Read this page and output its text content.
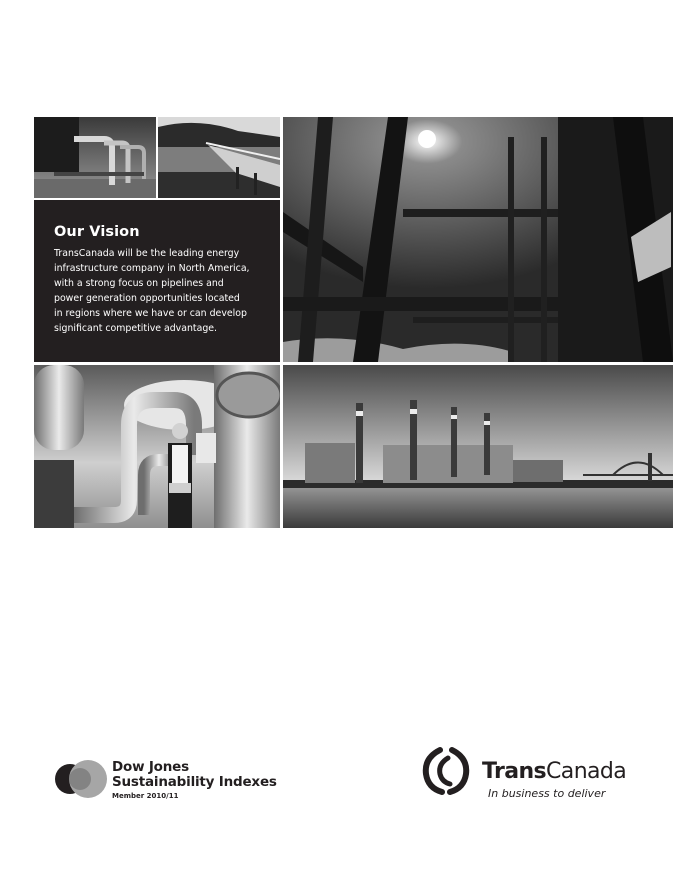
Our Vision

TransCanada will be the leading energy
infrastructure company in North America,
with a strong focus on pipelines and
power generation opportunities located
in regions where we have or can develop
significant competitive advantage.

Dow Jones
Sustainability Indexes
Member 2010/11
TransCanada
In business to deliver
